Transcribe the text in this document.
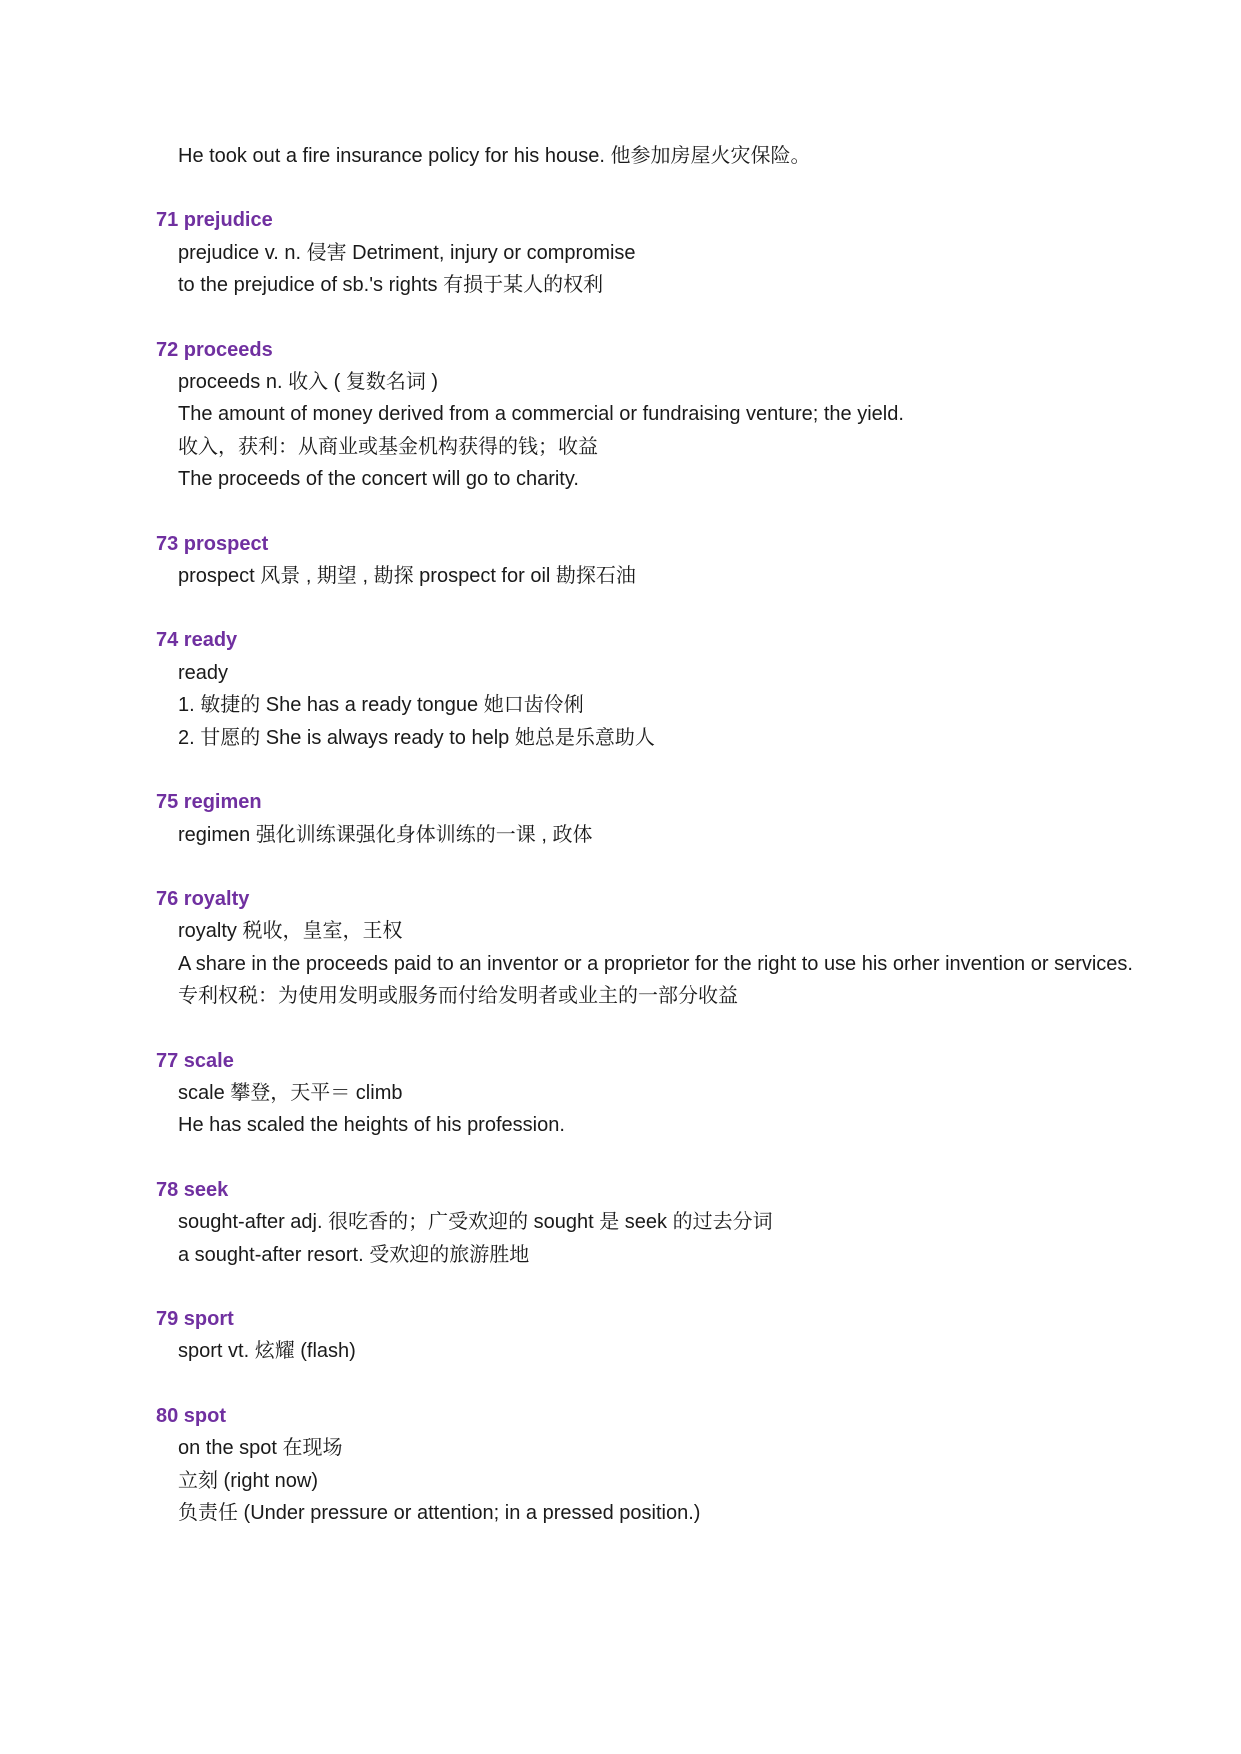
He took out a fire insurance policy for his house. 他参加房屋火灾保险。
71 prejudice
prejudice v. n. 侵害 Detriment, injury or compromise
to the prejudice of sb.'s rights 有损于某人的权利
72 proceeds
proceeds n. 收入 ( 复数名词 )
The amount of money derived from a commercial or fundraising venture; the yield.
收入，获利：从商业或基金机构获得的钱；收益
The proceeds of the concert will go to charity.
73 prospect
prospect 风景 , 期望 , 勘探 prospect for oil 勘探石油
74 ready
ready
1. 敏捷的 She has a ready tongue 她口齿伶俐
2. 甘愿的 She is always ready to help 她总是乐意助人
75 regimen
regimen 强化训练课强化身体训练的一课 , 政体
76 royalty
royalty 税收，皇室，王权
A share in the proceeds paid to an inventor or a proprietor for the right to use his orher invention or services.
专利权税：为使用发明或服务而付给发明者或业主的一部分收益
77 scale
scale 攀登，天平＝ climb
He has scaled the heights of his profession.
78 seek
sought-after adj. 很吃香的；广受欢迎的 sought 是 seek 的过去分词
a sought-after resort. 受欢迎的旅游胜地
79 sport
sport vt. 炫耀 (flash)
80 spot
on the spot 在现场
立刻 (right now)
负责任 (Under pressure or attention; in a pressed position.)
